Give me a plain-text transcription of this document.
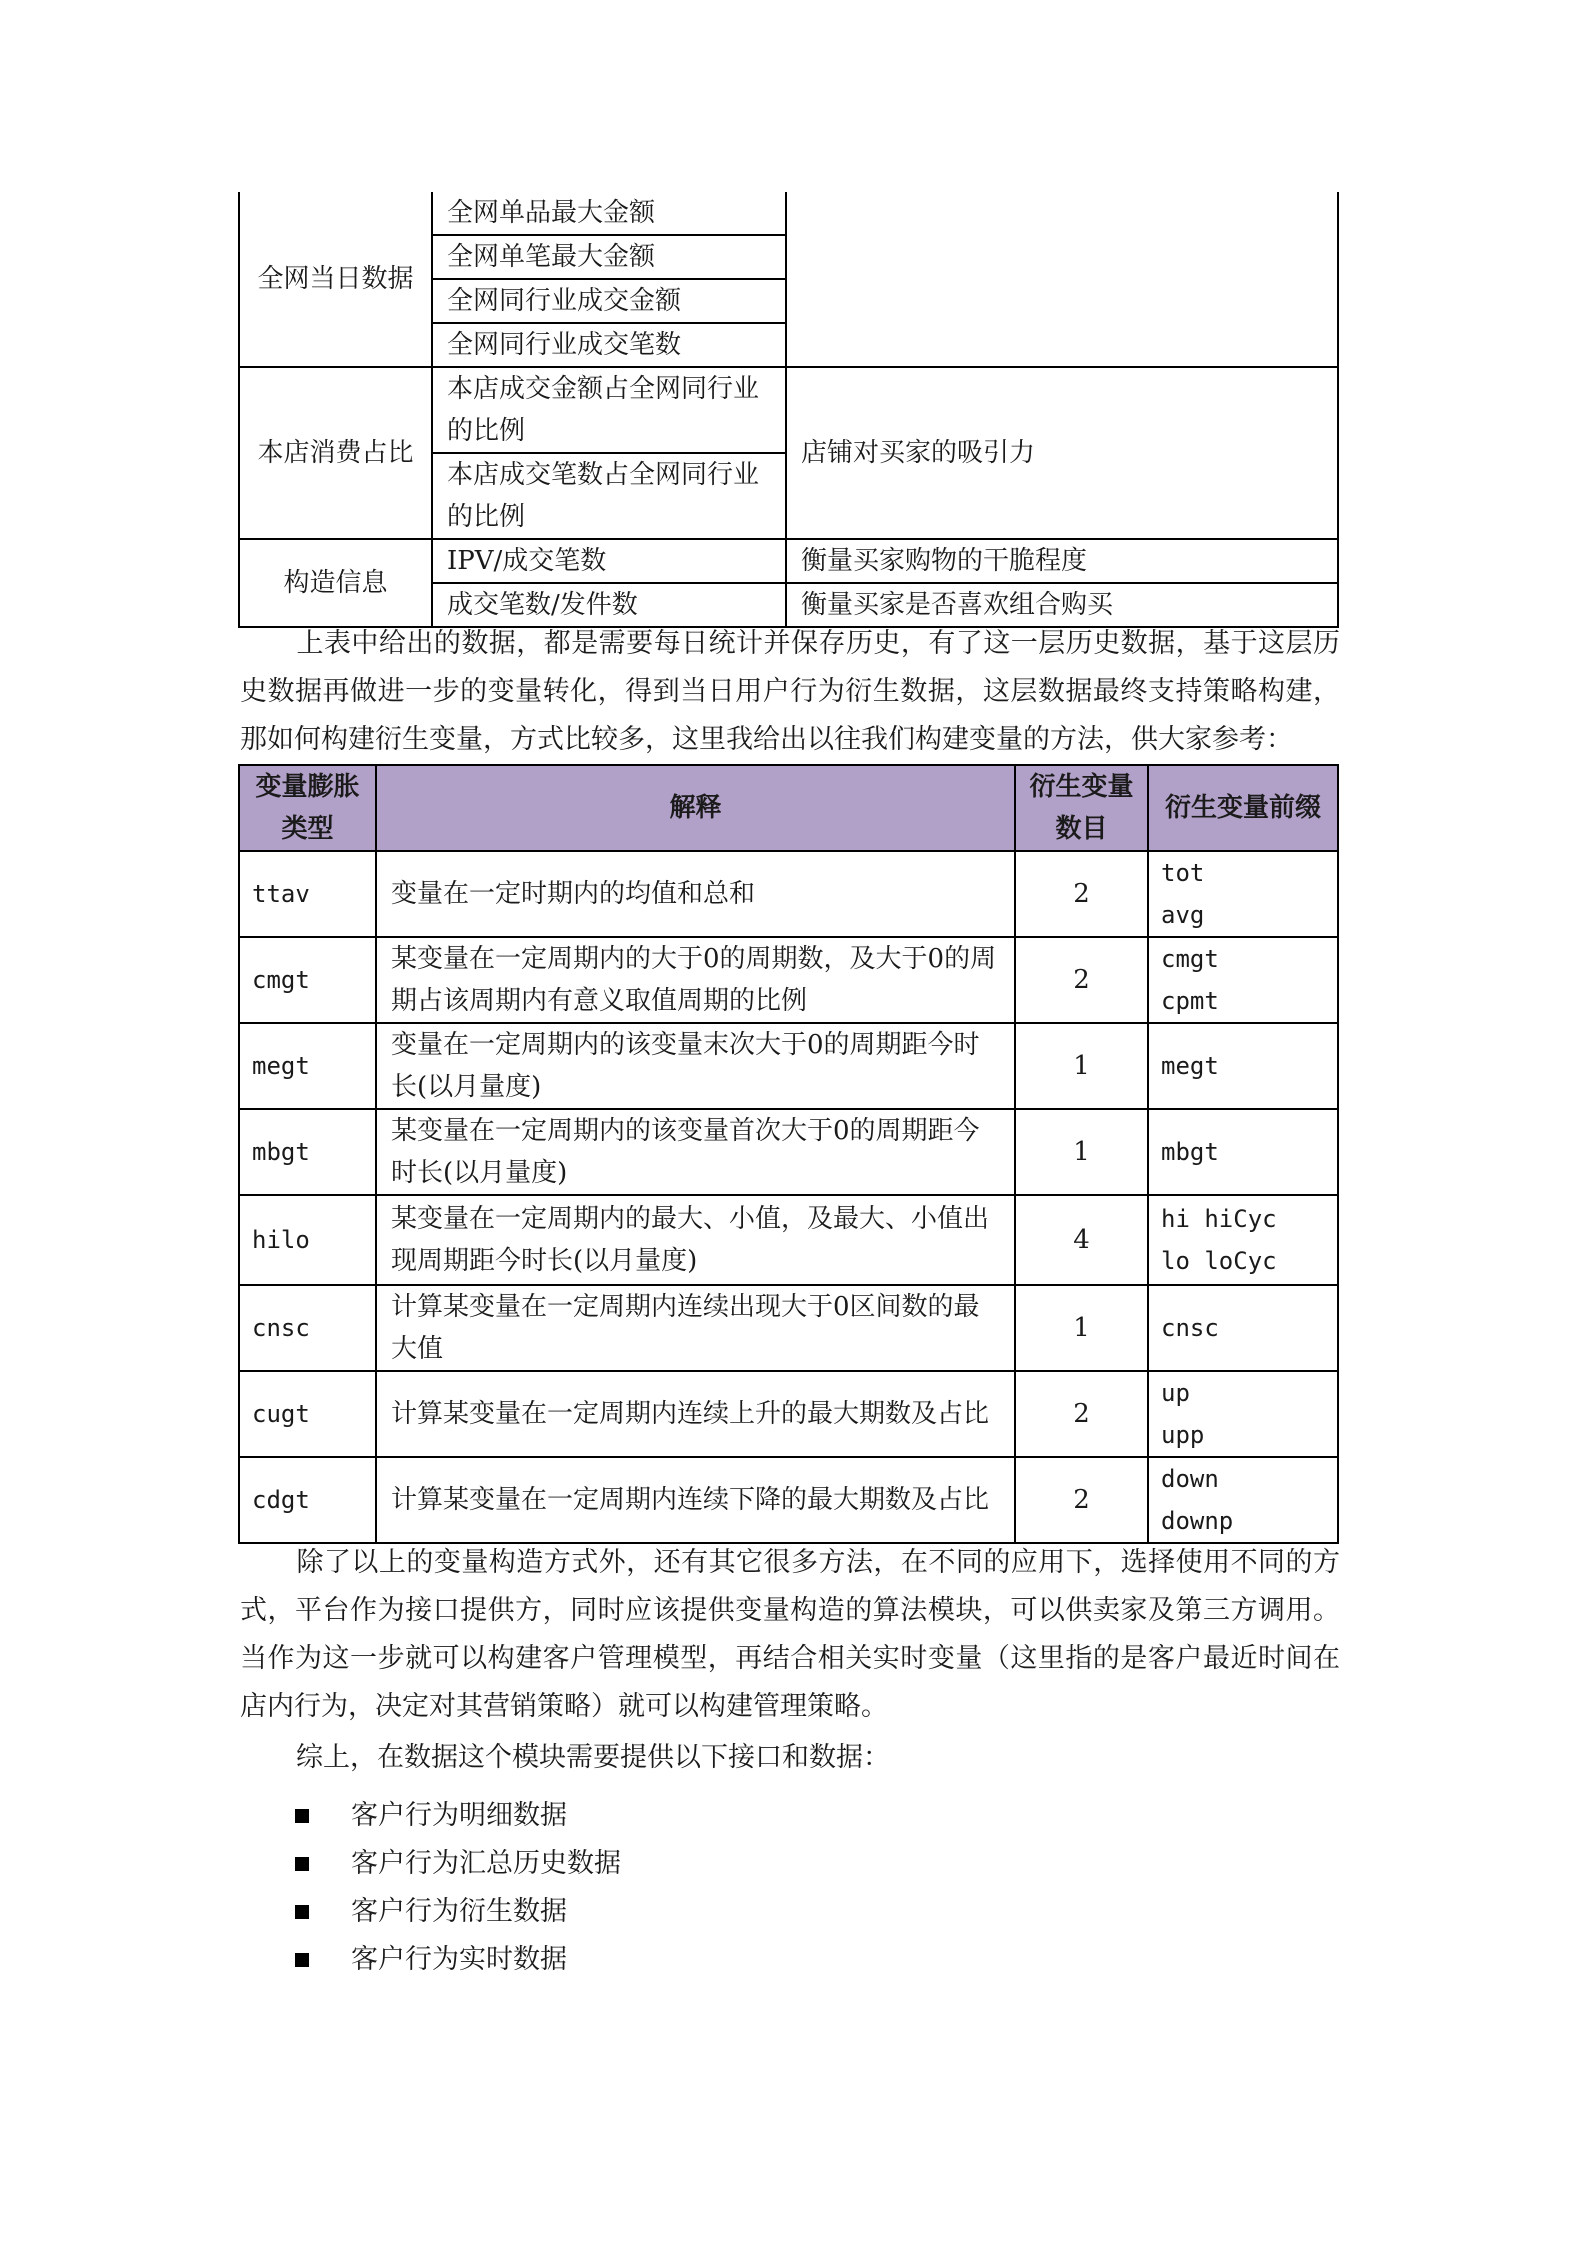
全网当日数据	全网单品最大金额	
	全网单笔最大金额	
	全网同行业成交金额	
	全网同行业成交笔数	
本店消费占比	本店成交金额占全网同行业的比例	店铺对买家的吸引力
	本店成交笔数占全网同行业的比例	
构造信息	IPV/成交笔数	衡量买家购物的干脆程度
	成交笔数/发件数	衡量买家是否喜欢组合购买

上表中给出的数据，都是需要每日统计并保存历史，有了这一层历史数据，基于这层历史数据再做进一步的变量转化，得到当日用户行为衍生数据，这层数据最终支持策略构建，那如何构建衍生变量，方式比较多，这里我给出以往我们构建变量的方法，供大家参考：

变量膨胀类型	解释	衍生变量数目	衍生变量前缀
ttav	变量在一定时期内的均值和总和	2	tot
avg

cmgt	某变量在一定周期内的大于0的周期数，及大于0的周期占该周期内有意义取值周期的比例	2	cmgt
cpmt

megt	变量在一定周期内的该变量末次大于0的周期距今时长(以月量度)	1	megt
mbgt	某变量在一定周期内的该变量首次大于0的周期距今时长(以月量度)	1	mbgt
hilo	某变量在一定周期内的最大、小值，及最大、小值出现周期距今时长(以月量度)	4	hi hiCyc
lo loCyc

cnsc	计算某变量在一定周期内连续出现大于0区间数的最大值	1	cnsc
cugt	计算某变量在一定周期内连续上升的最大期数及占比	2	up
upp

cdgt	计算某变量在一定周期内连续下降的最大期数及占比	2	down
downp

除了以上的变量构造方式外，还有其它很多方法，在不同的应用下，选择使用不同的方式，平台作为接口提供方，同时应该提供变量构造的算法模块，可以供卖家及第三方调用。当作为这一步就可以构建客户管理模型，再结合相关实时变量（这里指的是客户最近时间在店内行为，决定对其营销策略）就可以构建管理策略。

综上，在数据这个模块需要提供以下接口和数据：

客户行为明细数据
客户行为汇总历史数据
客户行为衍生数据
客户行为实时数据
